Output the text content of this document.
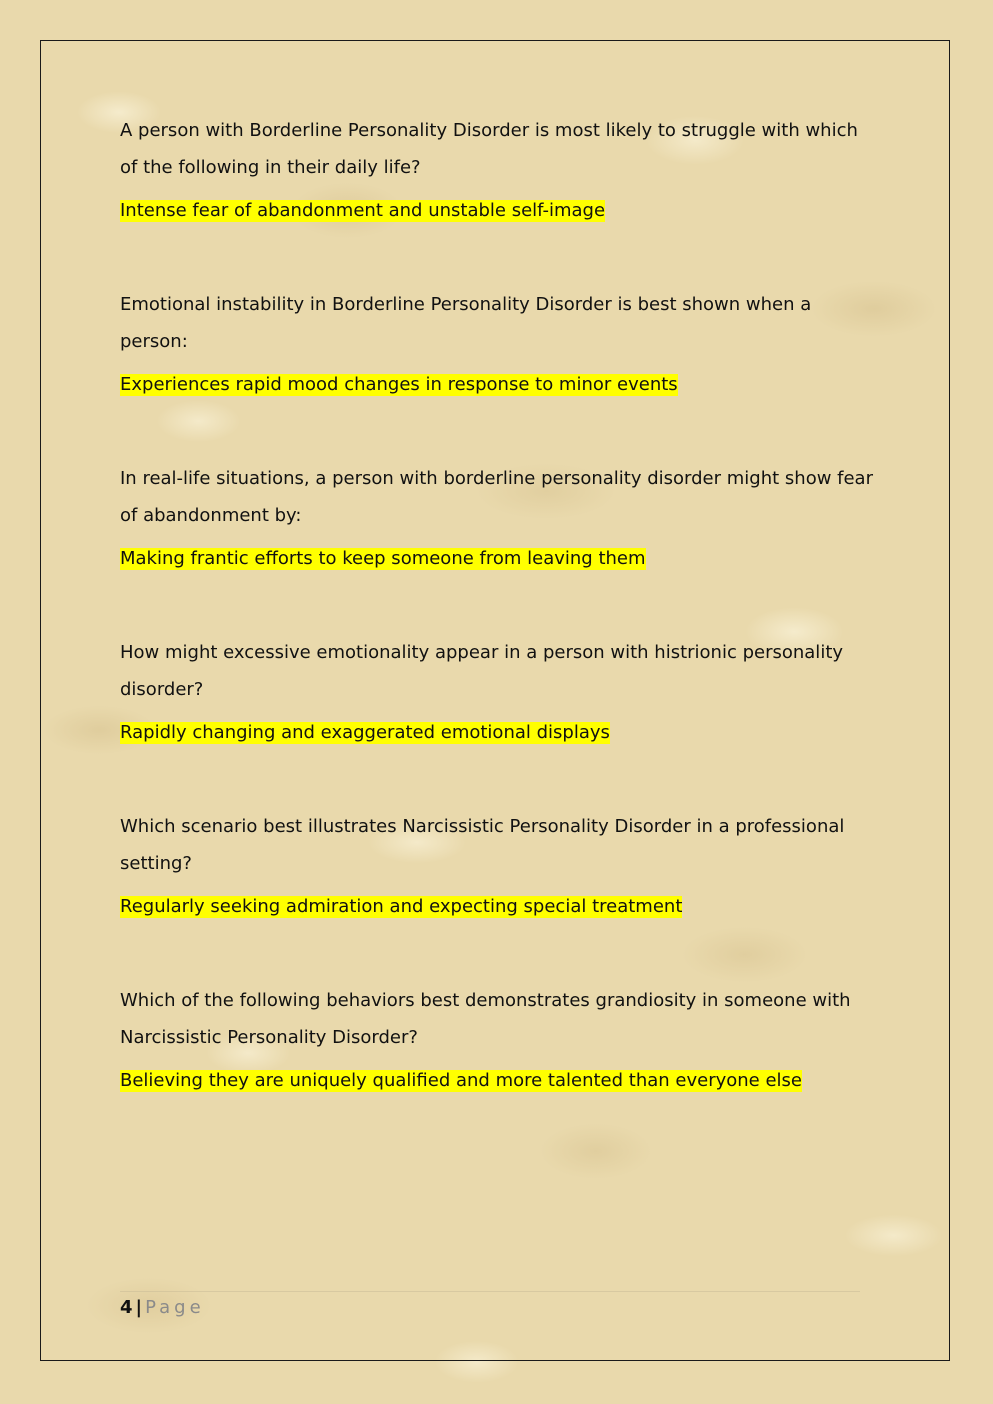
A person with Borderline Personality Disorder is most likely to struggle with which of the following in their daily life?

Intense fear of abandonment and unstable self-image

Emotional instability in Borderline Personality Disorder is best shown when a person:

Experiences rapid mood changes in response to minor events

In real-life situations, a person with borderline personality disorder might show fear of abandonment by:

Making frantic efforts to keep someone from leaving them

How might excessive emotionality appear in a person with histrionic personality disorder?

Rapidly changing and exaggerated emotional displays

Which scenario best illustrates Narcissistic Personality Disorder in a professional setting?

Regularly seeking admiration and expecting special treatment

Which of the following behaviors best demonstrates grandiosity in someone with Narcissistic Personality Disorder?

Believing they are uniquely qualified and more talented than everyone else

4 | Page
